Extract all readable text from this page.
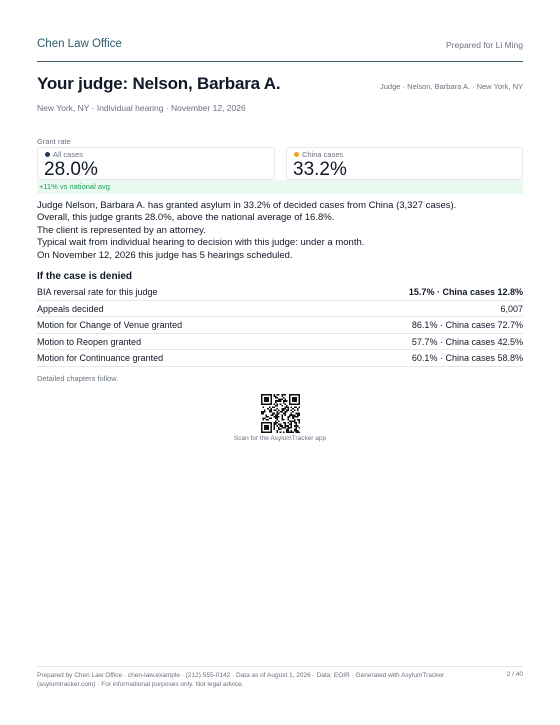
Chen Law Office	Prepared for Li Ming
Your judge: Nelson, Barbara A.	Judge · Nelson, Barbara A. · New York, NY
New York, NY · Individual hearing · November 12, 2026
Grant rate
All cases
28.0%
China cases
33.2%
+11% vs national avg

Judge Nelson, Barbara A. has granted asylum in 33.2% of decided cases from China (3,327 cases).

Overall, this judge grants 28.0%, above the national average of 16.8%.

The client is represented by an attorney.

Typical wait from individual hearing to decision with this judge: under a month.

On November 12, 2026 this judge has 5 hearings scheduled.

If the case is denied
BIA reversal rate for this judge	15.7% · China cases 12.8%
Appeals decided	6,007
Motion for Change of Venue granted	86.1% · China cases 72.7%
Motion to Reopen granted	57.7% · China cases 42.5%
Motion for Continuance granted	60.1% · China cases 58.8%
Detailed chapters follow.
Scan for the AsylumTracker app
Prepared by Chen Law Office · chen-law.example · (212) 555-0142 · Data as of August 1, 2026 · Data: EOIR · Generated with AsylumTracker (asylumtracker.com) · For informational purposes only. Not legal advice.
2 / 40
